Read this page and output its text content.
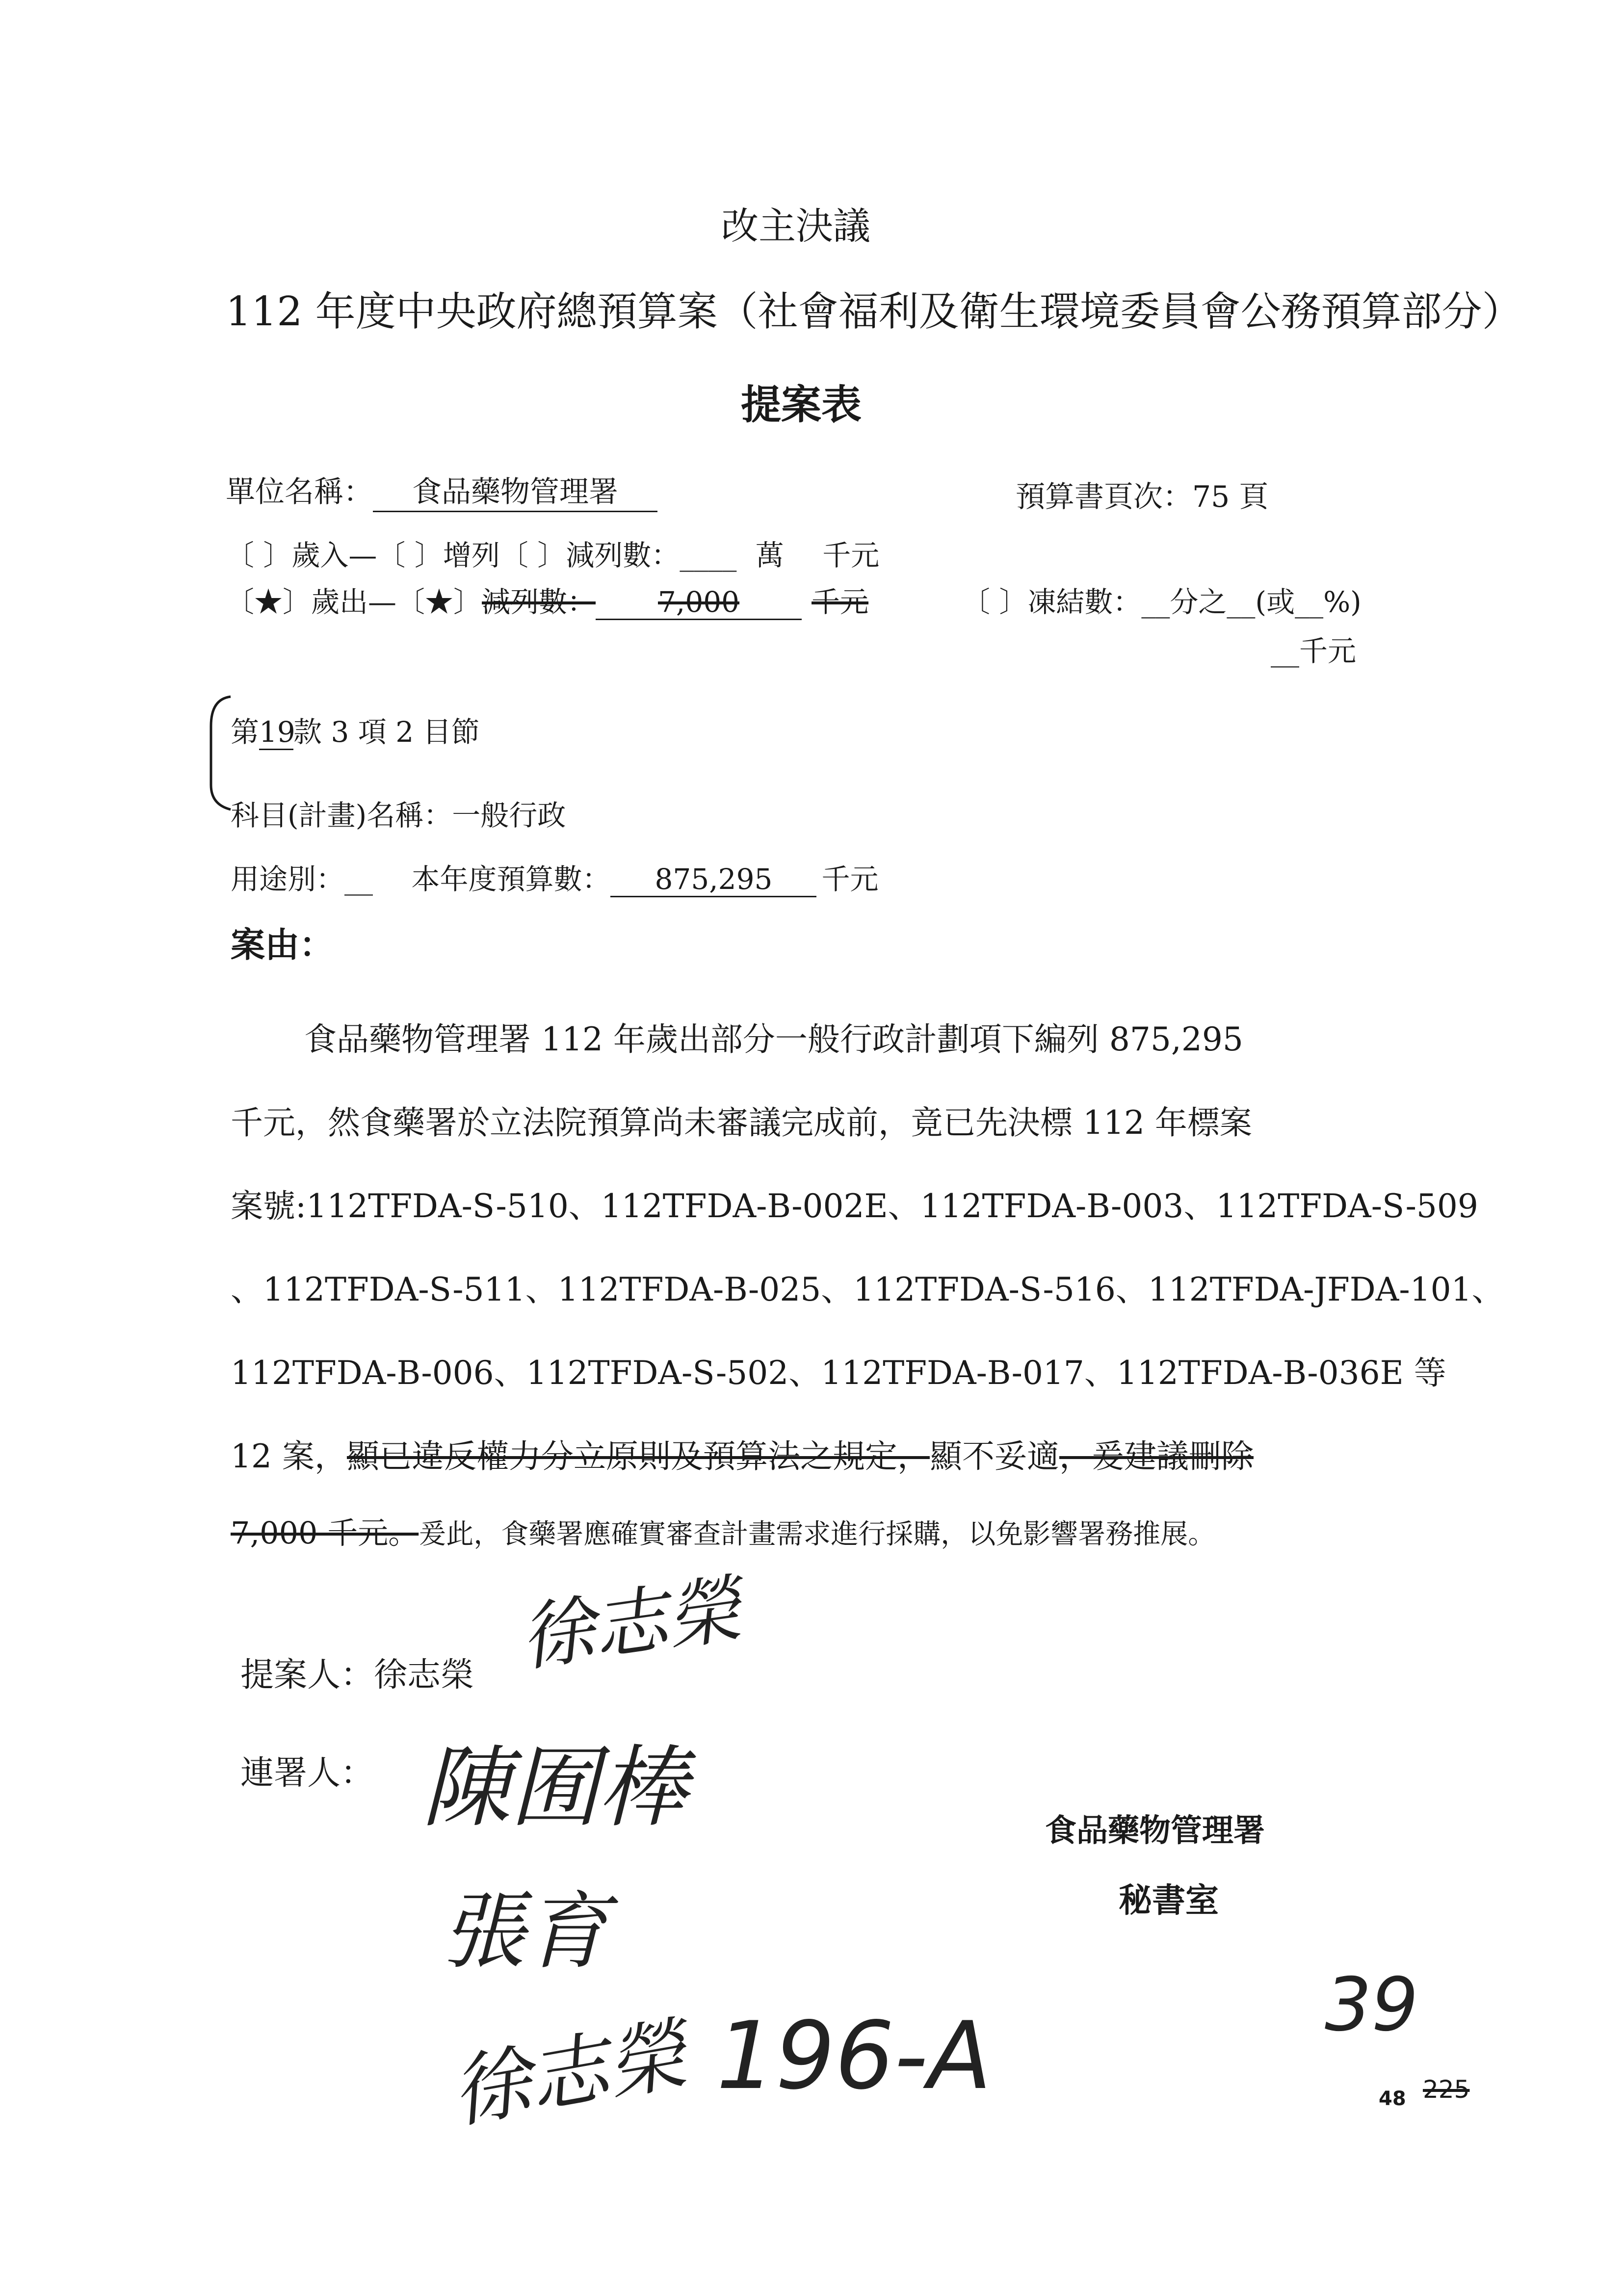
改主決議
112 年度中央政府總預算案（社會福利及衛生環境委員會公務預算部分）
提案表
單位名稱： 食品藥物管理署	預算書頁次：75 頁
〔 〕歲入—〔 〕增列〔 〕減列數：____ 萬 千元
〔★〕歲出—〔★〕減列數： 7,000	千元	〔 〕凍結數：__分之__(或__%)
__千元
第19款 3 項 2 目節
科目(計畫)名稱：一般行政
用途別：__ 本年度預算數： 875,295 千元
案由：
食品藥物管理署 112 年歲出部分一般行政計劃項下編列 875,295
千元，然食藥署於立法院預算尚未審議完成前，竟已先決標 112 年標案
案號:112TFDA-S-510、112TFDA-B-002E、112TFDA-B-003、112TFDA-S-509
、112TFDA-S-511、112TFDA-B-025、112TFDA-S-516、112TFDA-JFDA-101、
112TFDA-B-006、112TFDA-S-502、112TFDA-B-017、112TFDA-B-036E 等
12 案，顯已違反權力分立原則及預算法之規定，顯不妥適，爰建議刪除
7,000 千元。爰此，食藥署應確實審查計畫需求進行採購，以免影響署務推展。
提案人：徐志榮 徐志榮
連署人： 陳囿棒
張育
徐志榮 196-A
食品藥物管理署
秘書室
39
48 225
